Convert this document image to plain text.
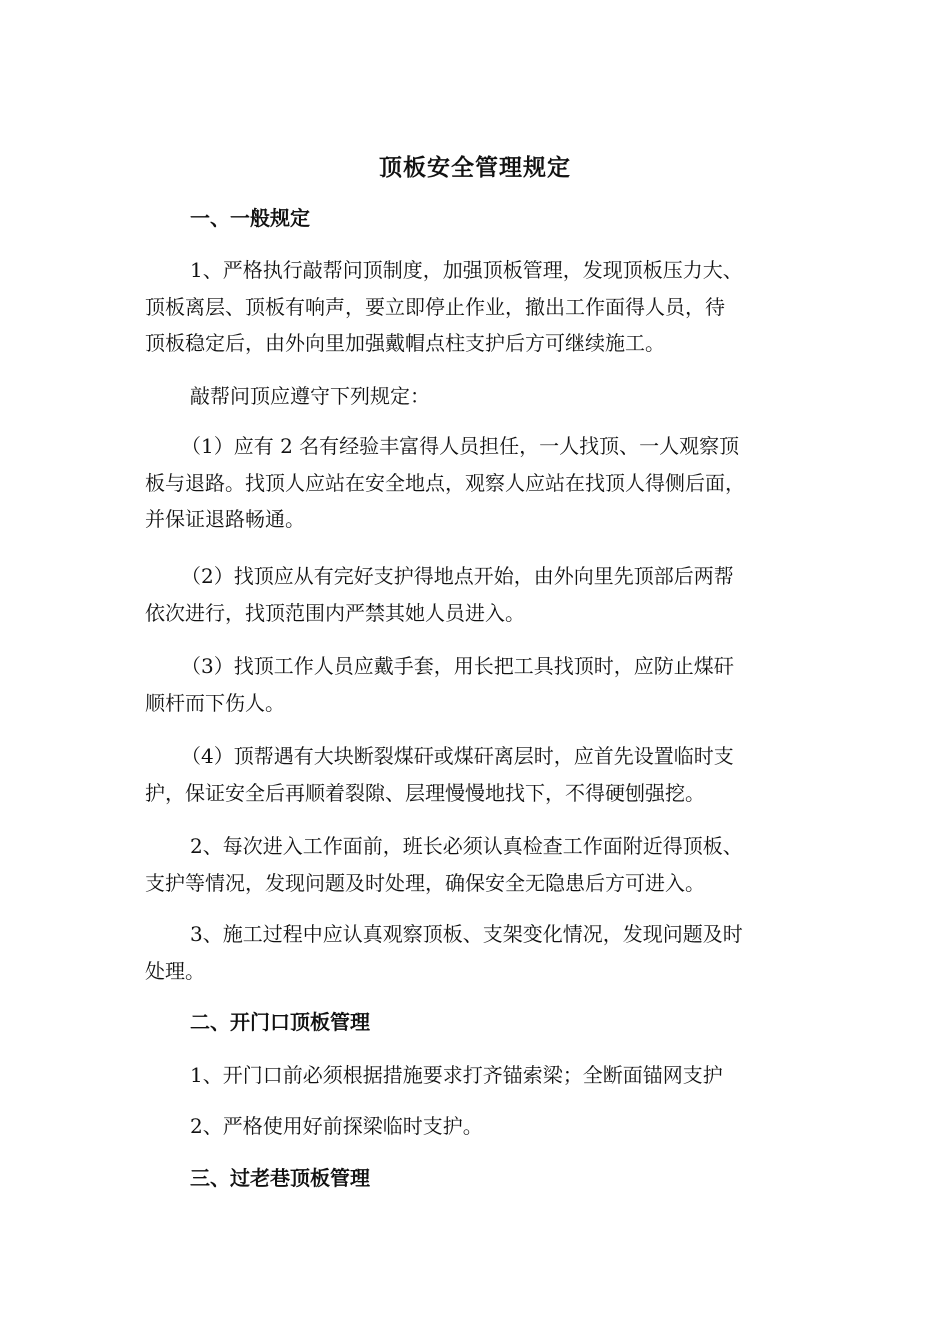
顶板安全管理规定
一、一般规定
1、严格执行敲帮问顶制度，加强顶板管理，发现顶板压力大、
顶板离层、顶板有响声，要立即停止作业，撤出工作面得人员，待
顶板稳定后，由外向里加强戴帽点柱支护后方可继续施工。
敲帮问顶应遵守下列规定：
（1）应有 2 名有经验丰富得人员担任，一人找顶、一人观察顶
板与退路。找顶人应站在安全地点，观察人应站在找顶人得侧后面，
并保证退路畅通。
（2）找顶应从有完好支护得地点开始，由外向里先顶部后两帮
依次进行，找顶范围内严禁其她人员进入。
（3）找顶工作人员应戴手套，用长把工具找顶时，应防止煤矸
顺杆而下伤人。
（4）顶帮遇有大块断裂煤矸或煤矸离层时，应首先设置临时支
护，保证安全后再顺着裂隙、层理慢慢地找下，不得硬刨强挖。
2、每次进入工作面前，班长必须认真检查工作面附近得顶板、
支护等情况，发现问题及时处理，确保安全无隐患后方可进入。
3、施工过程中应认真观察顶板、支架变化情况，发现问题及时
处理。
二、开门口顶板管理
1、开门口前必须根据措施要求打齐锚索梁；全断面锚网支护
2、严格使用好前探梁临时支护。
三、过老巷顶板管理
